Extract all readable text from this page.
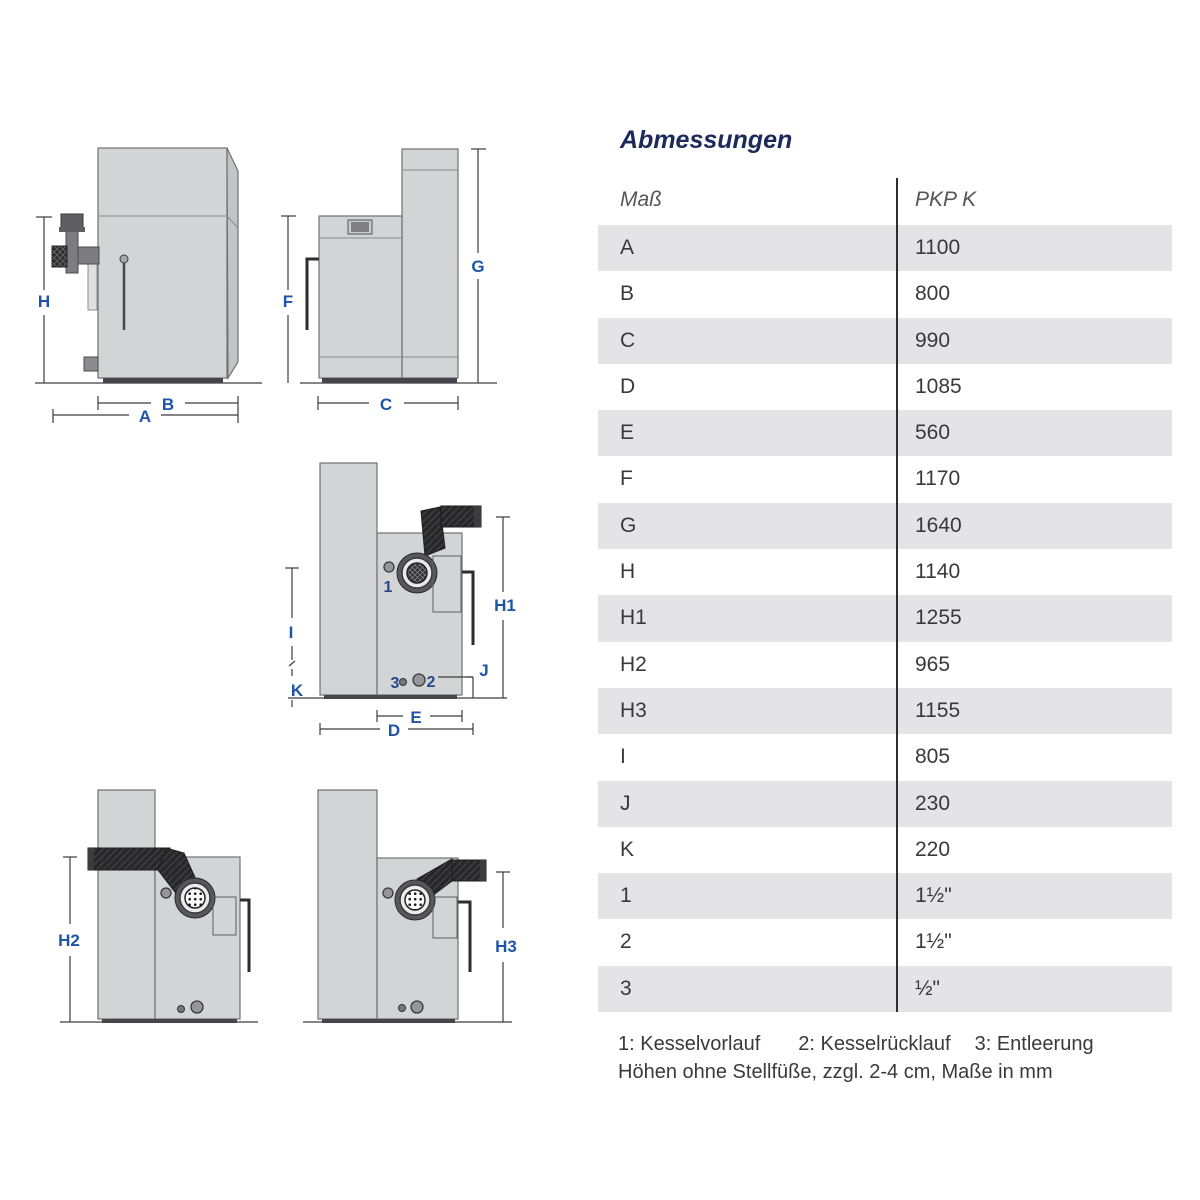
H
B
A
F
G
C
1
2
3
I
K
H1
J
E
D
H2	H3
Abmessungen
Maß	PKP K
A	1100
B	800
C	990
D	1085
E	560
F	1170
G	1640
H	1140
H1	1255
H2	965
H3	1155
I	805
J	230
K	220
1	1½"
2	1½"
3	½"
1: Kesselvorlauf 2: Kesselrücklauf 3: Entleerung
Höhen ohne Stellfüße, zzgl. 2-4 cm, Maße in mm
